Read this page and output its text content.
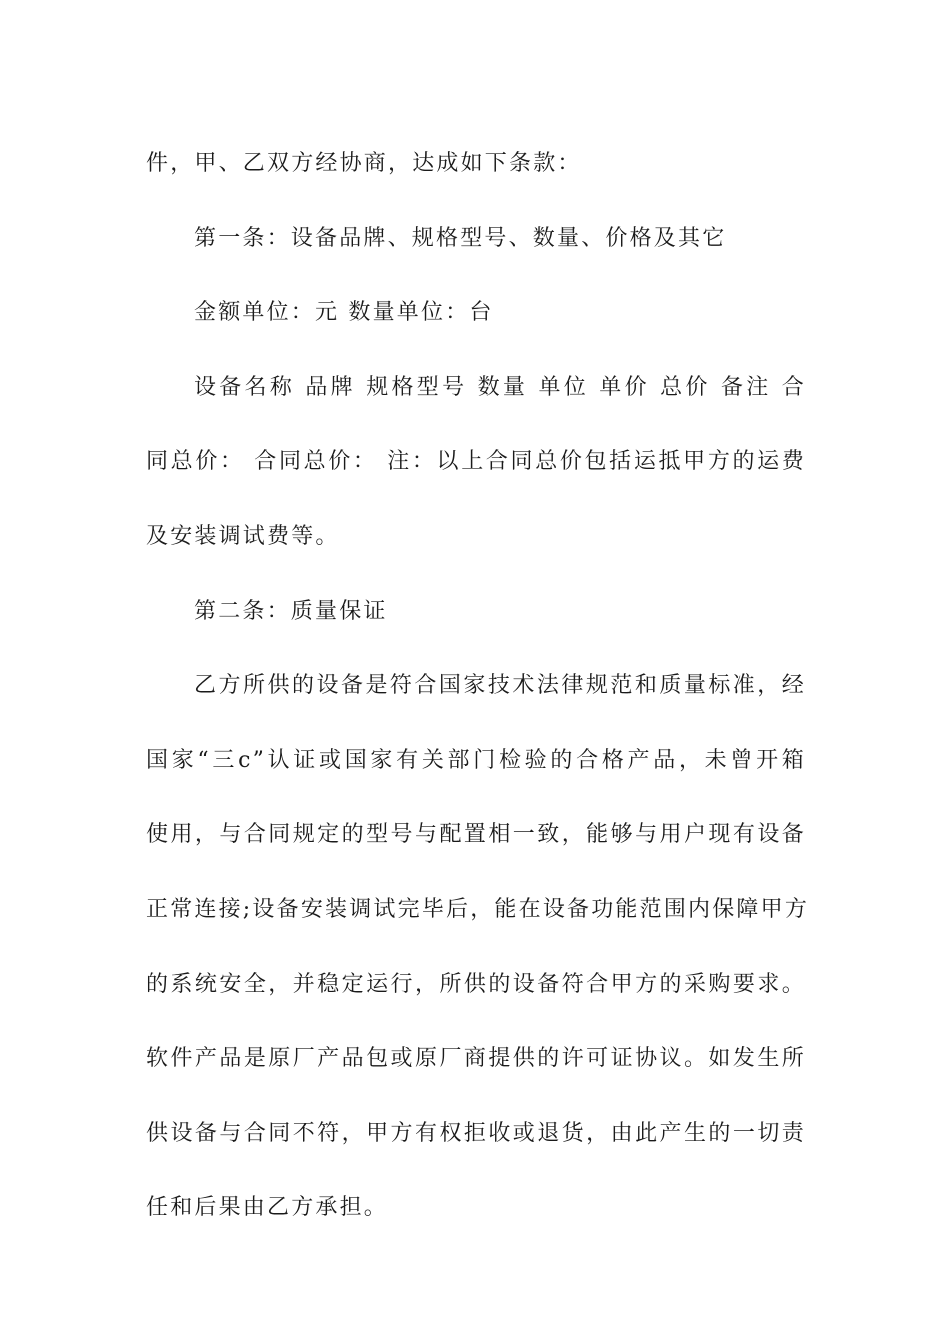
件，甲、乙双方经协商，达成如下条款：
第一条：设备品牌、规格型号、数量、价格及其它
金额单位：元 数量单位：台
设备名称 品牌 规格型号 数量 单位 单价 总价 备注 合
同总价： 合同总价： 注：以上合同总价包括运抵甲方的运费
及安装调试费等。
第二条：质量保证
乙方所供的设备是符合国家技术法律规范和质量标准，经
国家“三c”认证或国家有关部门检验的合格产品，未曾开箱
使用，与合同规定的型号与配置相一致，能够与用户现有设备
正常连接;设备安装调试完毕后，能在设备功能范围内保障甲方
的系统安全，并稳定运行，所供的设备符合甲方的采购要求。
软件产品是原厂产品包或原厂商提供的许可证协议。如发生所
供设备与合同不符，甲方有权拒收或退货，由此产生的一切责
任和后果由乙方承担。
